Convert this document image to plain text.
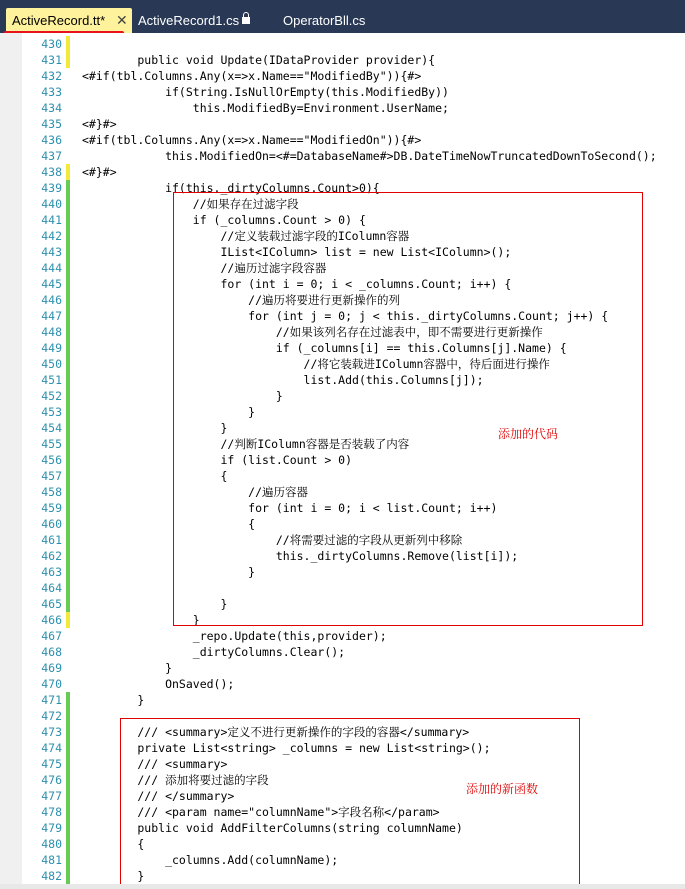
ActiveRecord.tt* ✕ ActiveRecord1.cs	OperatorBll.cs
430
431 public void Update(IDataProvider provider){
432 <#if(tbl.Columns.Any(x=>x.Name=="ModifiedBy")){#>
433 if(String.IsNullOrEmpty(this.ModifiedBy))
434 this.ModifiedBy=Environment.UserName;
435 <#}#>
436 <#if(tbl.Columns.Any(x=>x.Name=="ModifiedOn")){#>
437 this.ModifiedOn=<#=DatabaseName#>DB.DateTimeNowTruncatedDownToSecond();
438 <#}#>
439 if(this._dirtyColumns.Count>0){
440 //如果存在过滤字段
441 if (_columns.Count > 0) {
442 //定义装载过滤字段的IColumn容器
443 IList<IColumn> list = new List<IColumn>();
444 //遍历过滤字段容器
445 for (int i = 0; i < _columns.Count; i++) {
446 //遍历将要进行更新操作的列
447 for (int j = 0; j < this._dirtyColumns.Count; j++) {
448 //如果该列名存在过滤表中，即不需要进行更新操作
449 if (_columns[i] == this.Columns[j].Name) {
450 //将它装载进IColumn容器中，待后面进行操作
451 list.Add(this.Columns[j]);
452 }
453 }
454 }
455 //判断IColumn容器是否装载了内容
456 if (list.Count > 0)
457 {
458 //遍历容器
459 for (int i = 0; i < list.Count; i++)
460 {
461 //将需要过滤的字段从更新列中移除
462 this._dirtyColumns.Remove(list[i]);
463 }
464
465 }
466 }
467 _repo.Update(this,provider);
468 _dirtyColumns.Clear();
469 }
470 OnSaved();
471 }
472
473 /// <summary>定义不进行更新操作的字段的容器</summary>
474 private List<string> _columns = new List<string>();
475 /// <summary>
476 /// 添加将要过滤的字段
477 /// </summary>
478 /// <param name="columnName">字段名称</param>
479 public void AddFilterColumns(string columnName)
480 {
481 _columns.Add(columnName);
482 }
添加的代码
添加的新函数
